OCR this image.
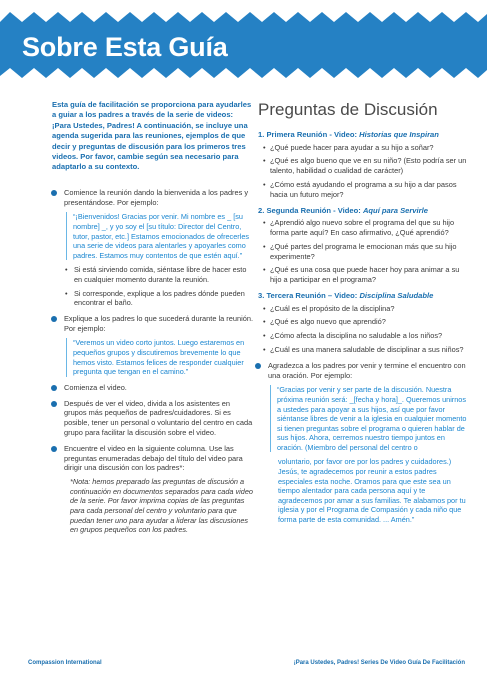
Sobre Esta Guía

Esta guía de facilitación se proporciona para ayudarles a guiar a los padres a través de la serie de videos: ¡Para Ustedes, Padres! A continuación, se incluye una agenda sugerida para las reuniones, ejemplos de que decir y preguntas de discusión para los primeros tres videos. Por favor, cambie según sea necesario para adaptarlo a su contexto.

Comience la reunión dando la bienvenida a los padres y presentándose. Por ejemplo:
“¡Bienvenidos! Gracias por venir. Mi nombre es _ [su nombre] _, y yo soy el [su título: Director del Centro, tutor, pastor, etc.] Estamos emocionados de ofrecerles una serie de videos para alentarles y apoyarles como padres. Estamos muy contentos de que estén aquí.”
• Si está sirviendo comida, siéntase libre de hacer esto en cualquier momento durante la reunión.
• Si corresponde, explique a los padres dónde pueden encontrar el baño.
Explique a los padres lo que sucederá durante la reunión. Por ejemplo:
“Veremos un video corto juntos. Luego estaremos en pequeños grupos y discutiremos brevemente lo que hemos visto. Estamos felices de responder cualquier pregunta que tengan en el camino.”
Comienza el video.
Después de ver el video, divida a los asistentes en grupos más pequeños de padres/cuidadores. Si es posible, tener un personal o voluntario del centro en cada grupo para facilitar la discusión sobre el video.
Encuentre el video en la siguiente columna. Use las preguntas enumeradas debajo del título del video para dirigir una discusión con los padres*:
*Nota: hemos preparado las preguntas de discusión a continuación en documentos separados para cada video de la serie. Por favor imprima copias de las preguntas para cada personal del centro y voluntario para que puedan tener uno para ayudar a liderar las discusiones en grupos pequeños con los padres.
Preguntas de Discusión
1. Primera Reunión - Video: Historias que Inspiran
• ¿Qué puede hacer para ayudar a su hijo a soñar?
• ¿Qué es algo bueno que ve en su niño? (Esto podría ser un talento, habilidad o cualidad de carácter)
• ¿Cómo está ayudando el programa a su hijo a dar pasos hacia un futuro mejor?
2. Segunda Reunión - Video: Aquí para Servirle
• ¿Aprendió algo nuevo sobre el programa del que su hijo forma parte aquí? En caso afirmativo, ¿Qué aprendió?
• ¿Qué partes del programa le emocionan más que su hijo experimente?
• ¿Qué es una cosa que puede hacer hoy para animar a su hijo a participar en el programa?
3. Tercera Reunión – Video: Disciplina Saludable
• ¿Cuál es el propósito de la disciplina?
• ¿Qué es algo nuevo que aprendió?
• ¿Cómo afecta la disciplina no saludable a los niños?
• ¿Cuál es una manera saludable de disciplinar a sus niños?
Agradezca a los padres por venir y termine el encuentro con una oración. Por ejemplo:
“Gracias por venir y ser parte de la discusión. Nuestra próxima reunión será: _[fecha y hora]_. Queremos unirnos a ustedes para apoyar a sus hijos, así que por favor siéntanse libres de venir a la iglesia en cualquier momento si tienen preguntas sobre el programa o quieren hablar de sus hijos. Ahora, cerremos nuestro tiempo juntos en oración. (Miembro del personal del centro o
voluntario, por favor ore por los padres y cuidadores.) Jesús, te agradecemos por reunir a estos padres especiales esta noche. Oramos para que este sea un tiempo alentador para cada persona aquí y te agradecemos por amar a sus familias. Te alabamos por tu iglesia y por el Programa de Compasión y cada niño que forma parte de esta comunidad. ... Amén.”
Compassion International	¡Para Ustedes, Padres! Series De Video Guía De Facilitación
